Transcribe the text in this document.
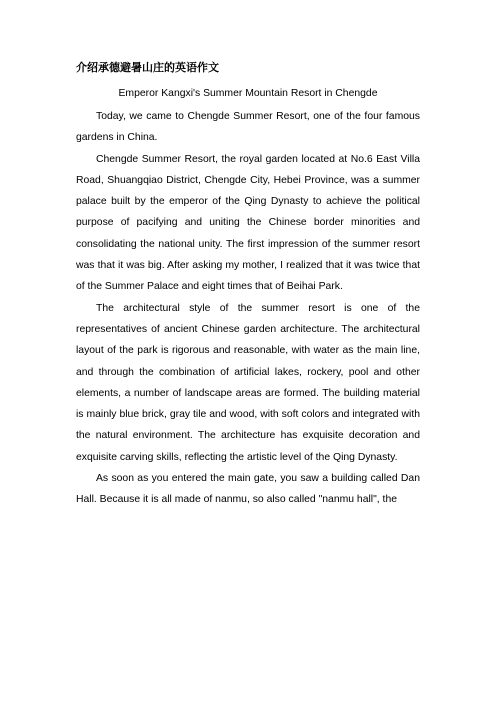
介绍承德避暑山庄的英语作文
Emperor Kangxi's Summer Mountain Resort in Chengde

Today, we came to Chengde Summer Resort, one of the four famous gardens in China.

Chengde Summer Resort, the royal garden located at No.6 East Villa Road, Shuangqiao District, Chengde City, Hebei Province, was a summer palace built by the emperor of the Qing Dynasty to achieve the political purpose of pacifying and uniting the Chinese border minorities and consolidating the national unity. The first impression of the summer resort was that it was big. After asking my mother, I realized that it was twice that of the Summer Palace and eight times that of Beihai Park.

The architectural style of the summer resort is one of the representatives of ancient Chinese garden architecture. The architectural layout of the park is rigorous and reasonable, with water as the main line, and through the combination of artificial lakes, rockery, pool and other elements, a number of landscape areas are formed. The building material is mainly blue brick, gray tile and wood, with soft colors and integrated with the natural environment. The architecture has exquisite decoration and exquisite carving skills, reflecting the artistic level of the Qing Dynasty.

As soon as you entered the main gate, you saw a building called Dan Hall. Because it is all made of nanmu, so also called "nanmu hall", the
